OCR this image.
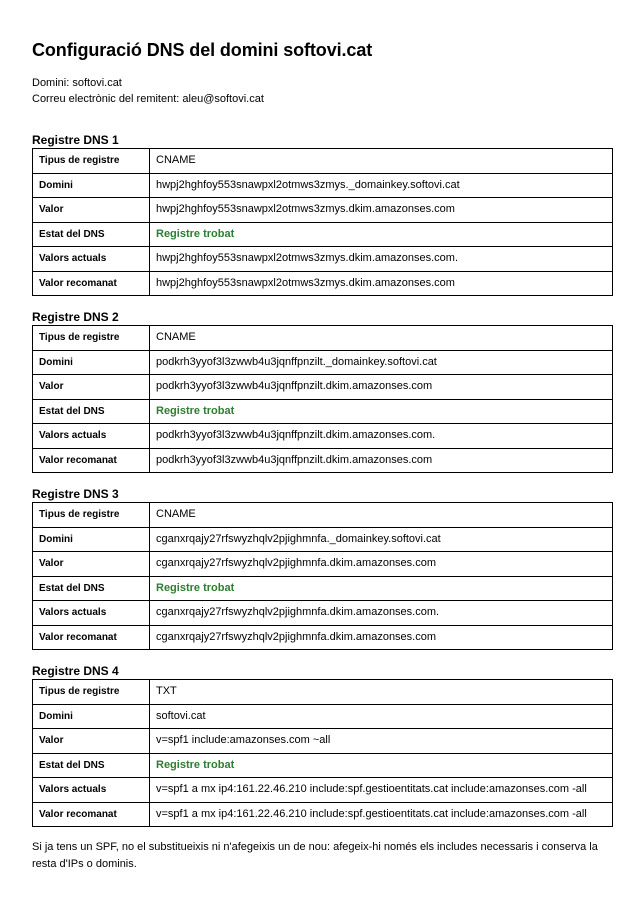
Configuració DNS del domini softovi.cat
Domini: softovi.cat
Correu electrònic del remitent: aleu@softovi.cat
Registre DNS 1
Tipus de registre	CNAME
Domini	hwpj2hghfoy553snawpxl2otmws3zmys._domainkey.softovi.cat
Valor	hwpj2hghfoy553snawpxl2otmws3zmys.dkim.amazonses.com
Estat del DNS	Registre trobat
Valors actuals	hwpj2hghfoy553snawpxl2otmws3zmys.dkim.amazonses.com.
Valor recomanat	hwpj2hghfoy553snawpxl2otmws3zmys.dkim.amazonses.com
Registre DNS 2
Tipus de registre	CNAME
Domini	podkrh3yyof3l3zwwb4u3jqnffpnzilt._domainkey.softovi.cat
Valor	podkrh3yyof3l3zwwb4u3jqnffpnzilt.dkim.amazonses.com
Estat del DNS	Registre trobat
Valors actuals	podkrh3yyof3l3zwwb4u3jqnffpnzilt.dkim.amazonses.com.
Valor recomanat	podkrh3yyof3l3zwwb4u3jqnffpnzilt.dkim.amazonses.com
Registre DNS 3
Tipus de registre	CNAME
Domini	cganxrqajy27rfswyzhqlv2pjighmnfa._domainkey.softovi.cat
Valor	cganxrqajy27rfswyzhqlv2pjighmnfa.dkim.amazonses.com
Estat del DNS	Registre trobat
Valors actuals	cganxrqajy27rfswyzhqlv2pjighmnfa.dkim.amazonses.com.
Valor recomanat	cganxrqajy27rfswyzhqlv2pjighmnfa.dkim.amazonses.com
Registre DNS 4
Tipus de registre	TXT
Domini	softovi.cat
Valor	v=spf1 include:amazonses.com ~all
Estat del DNS	Registre trobat
Valors actuals	v=spf1 a mx ip4:161.22.46.210 include:spf.gestioentitats.cat include:amazonses.com -all
Valor recomanat	v=spf1 a mx ip4:161.22.46.210 include:spf.gestioentitats.cat include:amazonses.com -all
Si ja tens un SPF, no el substitueixis ni n'afegeixis un de nou: afegeix-hi només els includes necessaris i conserva la resta d'IPs o dominis.
